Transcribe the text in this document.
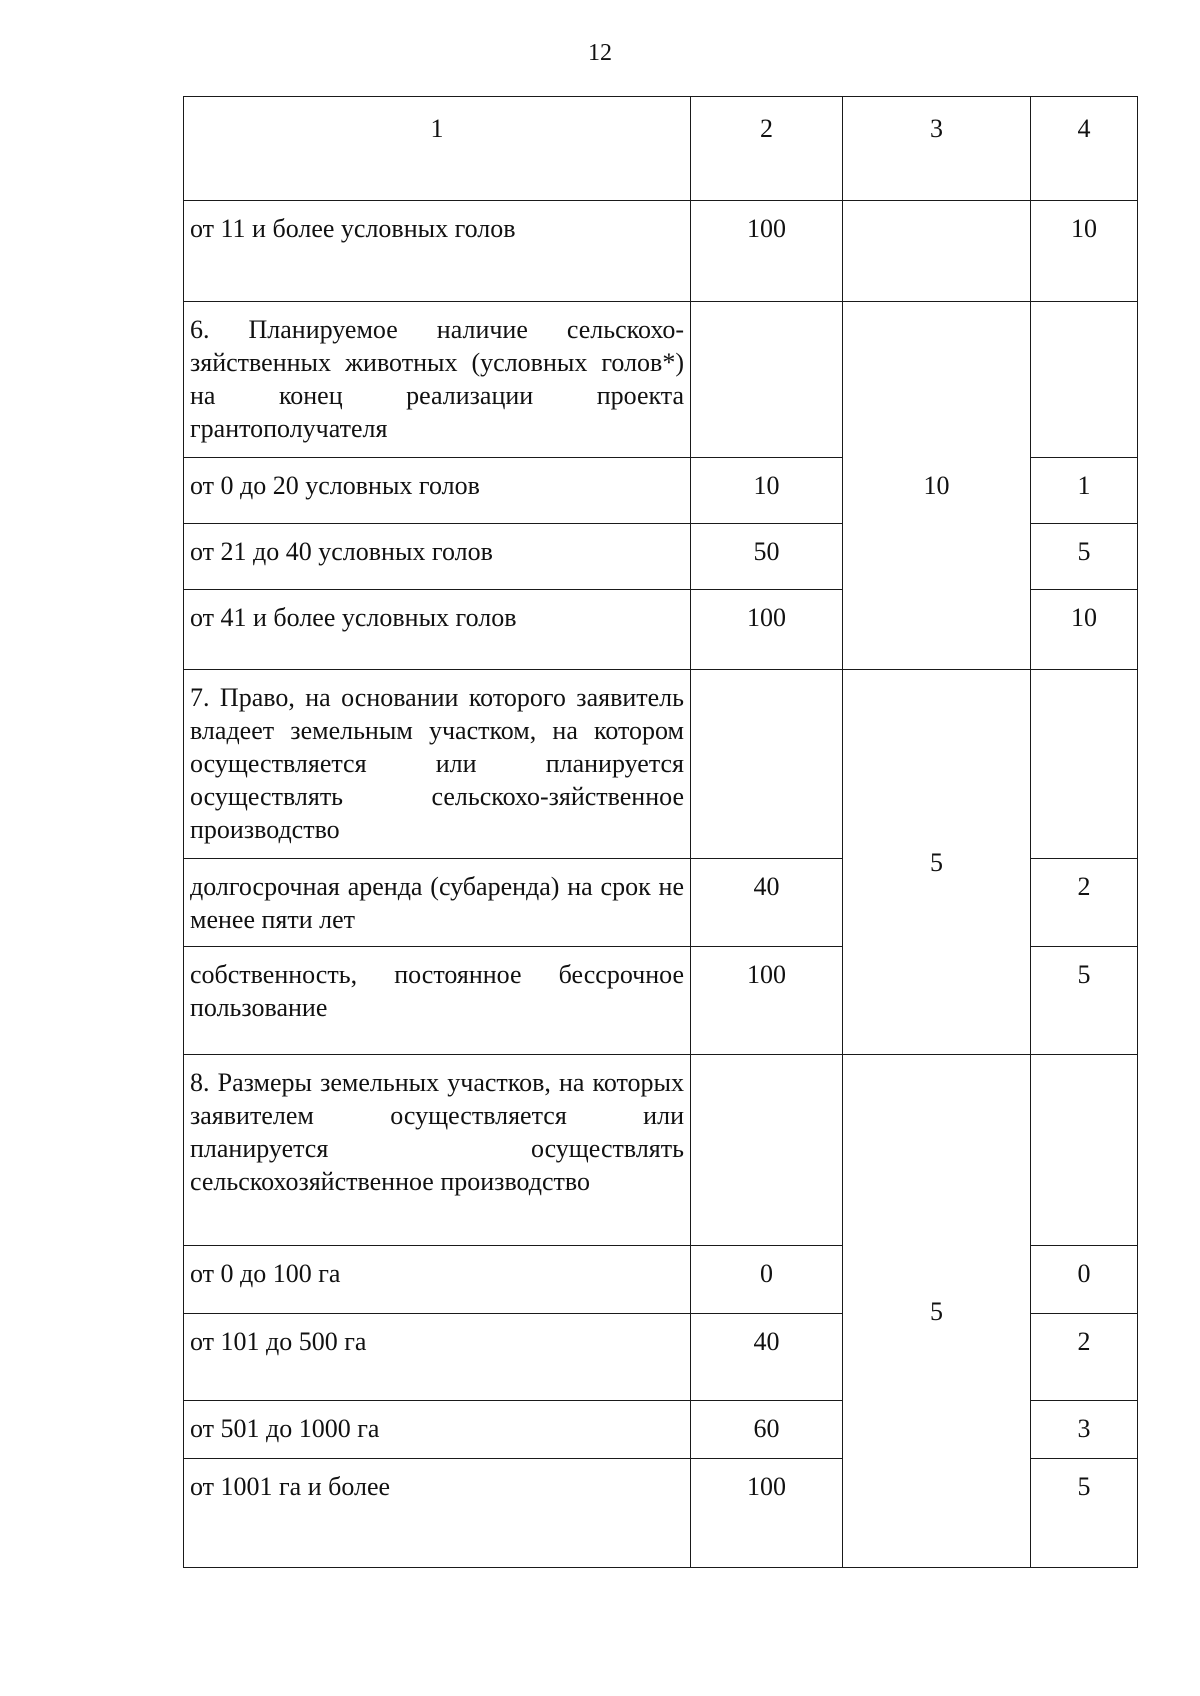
12
1	2	3	4
от 11 и более условных голов	100		10
6. Планируемое наличие сельскохо-зяйственных животных (условных голов*) на конец реализации проекта грантополучателя		10	
от 0 до 20 условных голов	10		1
от 21 до 40 условных голов	50		5
от 41 и более условных голов	100		10
7. Право, на основании которого заявитель владеет земельным участком, на котором осуществляется или планируется осуществлять сельскохо-зяйственное производство		5	
долгосрочная аренда (субаренда) на срок не менее пяти лет	40		2
собственность, постоянное бессрочное пользование	100		5
8. Размеры земельных участков, на которых заявителем осуществляется или планируется осуществлять сельскохозяйственное производство		5	
от 0 до 100 га	0		0
от 101 до 500 га	40		2
от 501 до 1000 га	60		3
от 1001 га и более	100		5
